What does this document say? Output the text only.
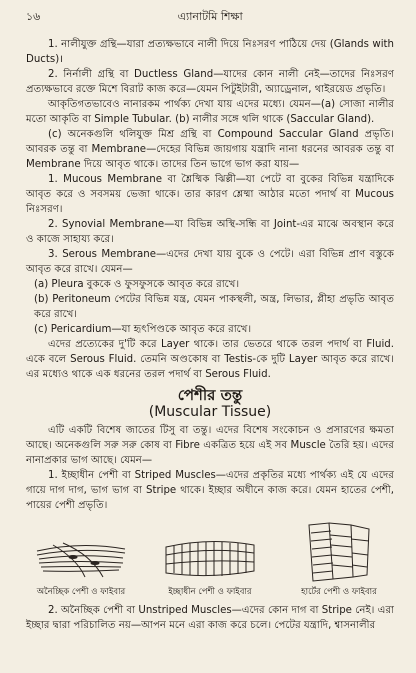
১৬	এ্যানাটমি শিক্ষা

1. নালীযুক্ত গ্রন্থি—যারা প্রত্যক্ষভাবে নালী দিয়ে নিঃসরণ পাঠিয়ে দেয় (Glands with Ducts)।

2. নির্নালী গ্রন্থি বা Ductless Gland—যাদের কোন নালী নেই—তাদের নিঃসরণ প্রত্যক্ষভাবে রক্তে মিশে বিরাট কাজ করে—যেমন পিটুইটারী, অ্যাড্রেনাল, থাইরয়েড প্রভৃতি।

আকৃতিগতভাবেও নানারকম পার্থক্য দেখা যায় এদের মধ্যে। যেমন—(a) সোজা নালীর মতো আকৃতি বা Simple Tubular. (b) নালীর সঙ্গে থলি থাকে (Saccular Gland).

(c) অনেকগুলি থলিযুক্ত মিশ্র গ্রন্থি বা Compound Saccular Gland প্রভৃতি। আবরক তন্তু বা Membrane—দেহের বিভিন্ন জায়গায় যন্ত্রাদি নানা ধরনের আবরক তন্তু বা Membrane দিয়ে আবৃত থাকে। তাদের তিন ভাগে ভাগ করা যায়—

1. Mucous Membrane বা শ্লৈষ্মিক ঝিল্লী—যা পেটে বা বুকের বিভিন্ন যন্ত্রাদিকে আবৃত করে ও সবসময় ভেজা থাকে। তার কারণ শ্লেষ্মা আঠার মতো পদার্থ বা Mucous নিঃসরণ।

2. Synovial Membrane—যা বিভিন্ন অস্থি-সন্ধি বা Joint-এর মাঝে অবস্থান করে ও কাজে সাহায্য করে।

3. Serous Membrane—এদের দেখা যায় বুকে ও পেটে। এরা বিভিন্ন প্রাণ বস্তুকে আবৃত করে রাখে। যেমন—

(a) Pleura বুককে ও ফুসফুসকে আবৃত করে রাখে।

(b) Peritoneum পেটের বিভিন্ন যন্ত্র, যেমন পাকস্থলী, অন্ত্র, লিভার, প্লীহা প্রভৃতি আবৃত করে রাখে।

(c) Pericardium—যা হৃৎপিণ্ডকে আবৃত করে রাখে।

এদের প্রত্যেকের দু'টি করে Layer থাকে। তার ভেতরে থাকে তরল পদার্থ বা Fluid. একে বলে Serous Fluid. তেমনি অণ্ডকোষ বা Testis-কে দুটি Layer আবৃত করে রাখে। এর মধ্যেও থাকে এক ধরনের তরল পদার্থ বা Serous Fluid.

পেশীর তন্তু
(Muscular Tissue)

এটি একটি বিশেষ জাতের টিসু বা তন্তু। এদের বিশেষ সংকোচন ও প্রসারণের ক্ষমতা আছে। অনেকগুলি সরু সরু কোষ বা Fibre একত্রিত হয়ে এই সব Muscle তৈরি হয়। এদের নানাপ্রকার ভাগ আছে। যেমন—

1. ইচ্ছাধীন পেশী বা Striped Muscles—এদের প্রকৃতির মধ্যে পার্থক্য এই যে এদের গায়ে দাগ দাগ, ভাগ ভাগ বা Stripe থাকে। ইচ্ছার অধীনে কাজ করে। যেমন হাতের পেশী, পায়ের পেশী প্রভৃতি।

অনৈচ্ছিক পেশী ও ফাইবার	ইচ্ছাধীন পেশী ও ফাইবার	হার্টের পেশী ও ফাইবার

2. অনৈচ্ছিক পেশী বা Unstriped Muscles—এদের কোন দাগ বা Stripe নেই। এরা ইচ্ছার দ্বারা পরিচালিত নয়—আপন মনে এরা কাজ করে চলে। পেটের যন্ত্রাদি, শ্বাসনালীর
